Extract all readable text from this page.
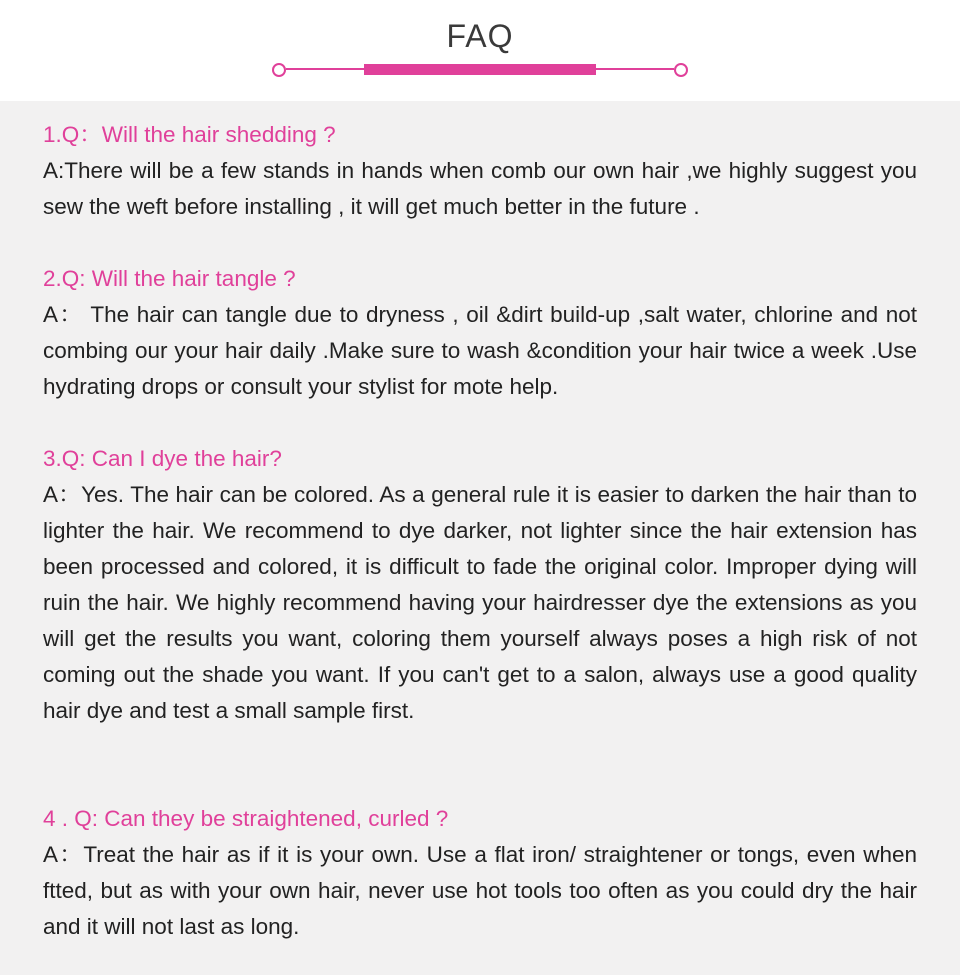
FAQ
1.Q：Will the hair shedding ?
A:There will be a few stands in hands when comb our own hair ,we highly suggest you sew the weft before installing , it will get much better in the future .
2.Q: Will the hair tangle ?
A： The hair can tangle due to dryness , oil &dirt build-up ,salt water, chlorine and not combing our your hair daily .Make sure to wash &condition your hair twice a week .Use hydrating drops or consult your stylist for mote help.
3.Q: Can I dye the hair?
A：Yes. The hair can be colored. As a general rule it is easier to darken the hair than to lighter the hair. We recommend to dye darker, not lighter since the hair extension has been processed and colored, it is difficult to fade the original color. Improper dying will ruin the hair. We highly recommend having your hairdresser dye the extensions as you will get the results you want, coloring them yourself always poses a high risk of not coming out the shade you want. If you can't get to a salon, always use a good quality hair dye and test a small sample first.
4 . Q: Can they be straightened, curled ?
A：Treat the hair as if it is your own. Use a flat iron/ straightener or tongs, even when ftted, but as with your own hair, never use hot tools too often as you could dry the hair and it will not last as long.
